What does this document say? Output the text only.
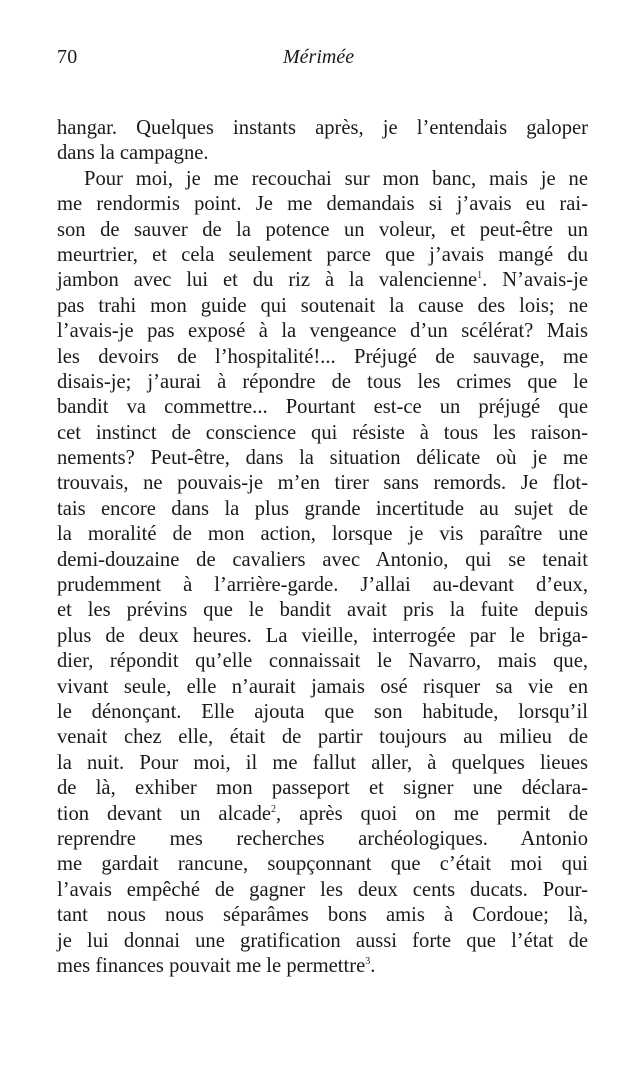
70	Mérimée
hangar. Quelques instants après, je l’entendais galoper
dans la campagne.
Pour moi, je me recouchai sur mon banc, mais je ne
me rendormis point. Je me demandais si j’avais eu rai-
son de sauver de la potence un voleur, et peut-être un
meurtrier, et cela seulement parce que j’avais mangé du
jambon avec lui et du riz à la valencienne$^1$. N’avais-je
pas trahi mon guide qui soutenait la cause des lois; ne
l’avais-je pas exposé à la vengeance d’un scélérat? Mais
les devoirs de l’hospitalité!... Préjugé de sauvage, me
disais-je; j’aurai à répondre de tous les crimes que le
bandit va commettre... Pourtant est-ce un préjugé que
cet instinct de conscience qui résiste à tous les raison-
nements? Peut-être, dans la situation délicate où je me
trouvais, ne pouvais-je m’en tirer sans remords. Je flot-
tais encore dans la plus grande incertitude au sujet de
la moralité de mon action, lorsque je vis paraître une
demi-douzaine de cavaliers avec Antonio, qui se tenait
prudemment à l’arrière-garde. J’allai au-devant d’eux,
et les prévins que le bandit avait pris la fuite depuis
plus de deux heures. La vieille, interrogée par le briga-
dier, répondit qu’elle connaissait le Navarro, mais que,
vivant seule, elle n’aurait jamais osé risquer sa vie en
le dénonçant. Elle ajouta que son habitude, lorsqu’il
venait chez elle, était de partir toujours au milieu de
la nuit. Pour moi, il me fallut aller, à quelques lieues
de là, exhiber mon passeport et signer une déclara-
tion devant un alcade$^2$, après quoi on me permit de
reprendre mes recherches archéologiques. Antonio
me gardait rancune, soupçonnant que c’était moi qui
l’avais empêché de gagner les deux cents ducats. Pour-
tant nous nous séparâmes bons amis à Cordoue; là,
je lui donnai une gratification aussi forte que l’état de
mes finances pouvait me le permettre$^3$.
